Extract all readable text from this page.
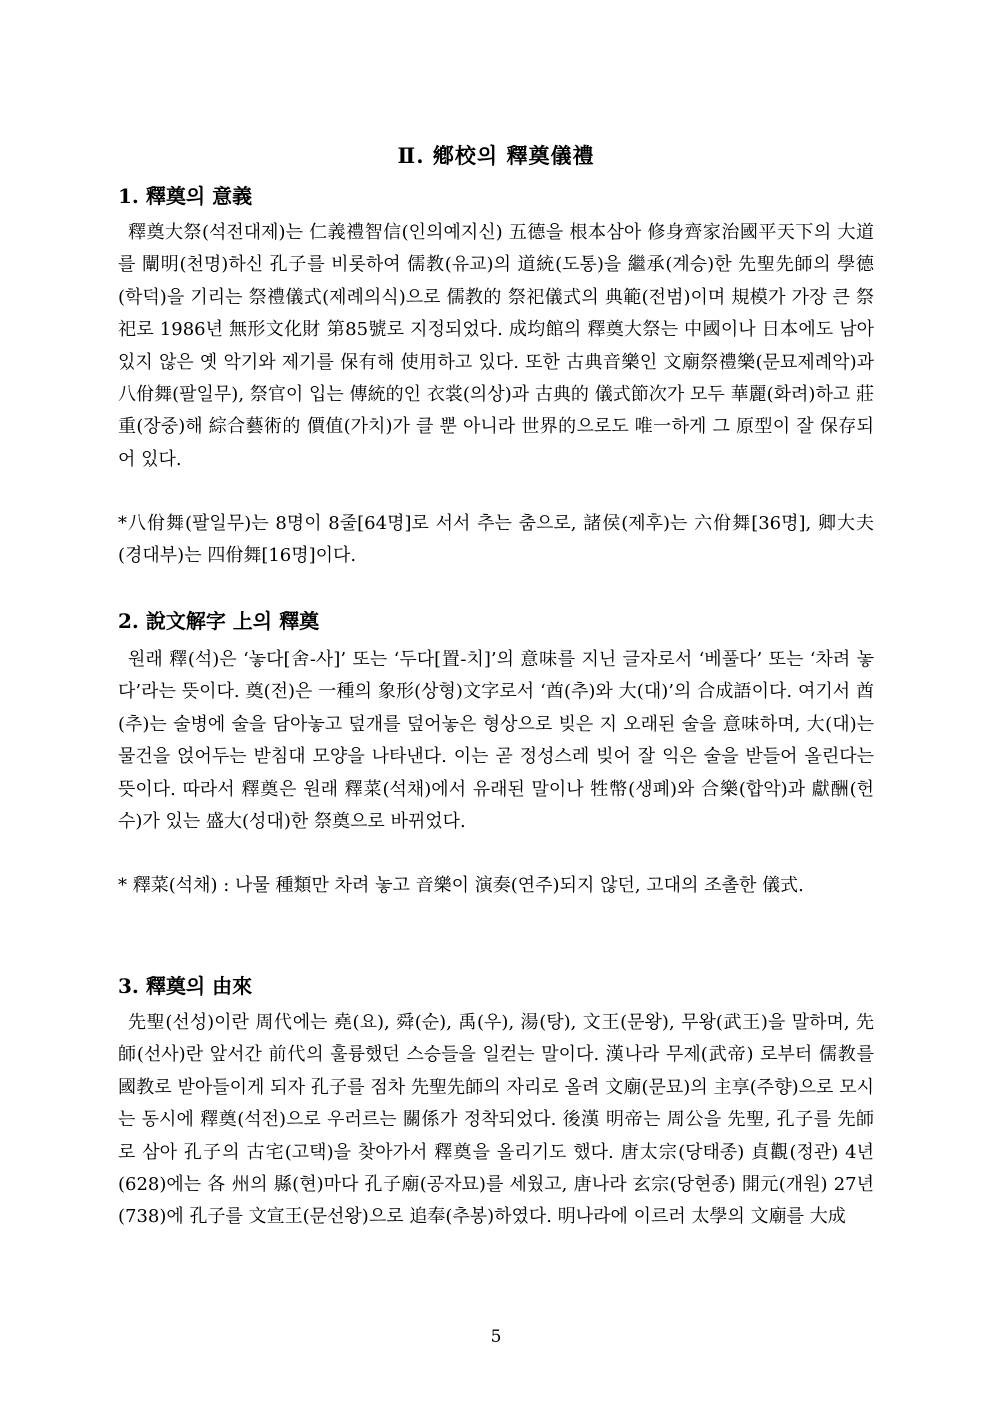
Ⅱ. 鄕校의 釋奠儀禮
1. 釋奠의 意義

釋奠大祭(석전대제)는 仁義禮智信(인의예지신) 五德을 根本삼아 修身齊家治國平天下의 大道를 闡明(천명)하신 孔子를 비롯하여 儒教(유교)의 道統(도통)을 繼承(계승)한 先聖先師의 學德(학덕)을 기리는 祭禮儀式(제례의식)으로 儒教的 祭祀儀式의 典範(전범)이며 規模가 가장 큰 祭祀로 1986년 無形文化財 第85號로 지정되었다. 成均館의 釋奠大祭는 中國이나 日本에도 남아있지 않은 옛 악기와 제기를 保有해 使用하고 있다. 또한 古典音樂인 文廟祭禮樂(문묘제례악)과 八佾舞(팔일무), 祭官이 입는 傳統的인 衣裳(의상)과 古典的 儀式節次가 모두 華麗(화려)하고 莊重(장중)해 綜合藝術的 價值(가치)가 클 뿐 아니라 世界的으로도 唯一하게 그 原型이 잘 保存되어 있다.

*八佾舞(팔일무)는 8명이 8줄[64명]로 서서 추는 춤으로, 諸侯(제후)는 六佾舞[36명], 卿大夫(경대부)는 四佾舞[16명]이다.

2. 說文解字 上의 釋奠

원래 釋(석)은 ‘놓다[舍-사]’ 또는 ‘두다[置-치]’의 意味를 지닌 글자로서 ‘베풀다’ 또는 ‘차려 놓다’라는 뜻이다. 奠(전)은 一種의 象形(상형)文字로서 ‘酋(추)와 大(대)’의 合成語이다. 여기서 酋(추)는 술병에 술을 담아놓고 덮개를 덮어놓은 형상으로 빚은 지 오래된 술을 意味하며, 大(대)는 물건을 얹어두는 받침대 모양을 나타낸다. 이는 곧 정성스레 빚어 잘 익은 술을 받들어 올린다는 뜻이다. 따라서 釋奠은 원래 釋菜(석채)에서 유래된 말이나 牲幣(생폐)와 合樂(합악)과 獻酬(헌수)가 있는 盛大(성대)한 祭奠으로 바뀌었다.

* 釋菜(석채) : 나물 種類만 차려 놓고 音樂이 演奏(연주)되지 않던, 고대의 조촐한 儀式.

3. 釋奠의 由來

先聖(선성)이란 周代에는 堯(요), 舜(순), 禹(우), 湯(탕), 文王(문왕), 무왕(武王)을 말하며, 先師(선사)란 앞서간 前代의 훌륭했던 스승들을 일컫는 말이다. 漢나라 무제(武帝) 로부터 儒教를 國教로 받아들이게 되자 孔子를 점차 先聖先師의 자리로 올려 文廟(문묘)의 主享(주향)으로 모시는 동시에 釋奠(석전)으로 우러르는 關係가 정착되었다. 後漢 明帝는 周公을 先聖, 孔子를 先師로 삼아 孔子의 古宅(고택)을 찾아가서 釋奠을 올리기도 했다. 唐太宗(당태종) 貞觀(정관) 4년(628)에는 各 州의 縣(현)마다 孔子廟(공자묘)를 세웠고, 唐나라 玄宗(당현종) 開元(개원) 27년(738)에 孔子를 文宣王(문선왕)으로 追奉(추봉)하였다. 明나라에 이르러 太學의 文廟를 大成

5
